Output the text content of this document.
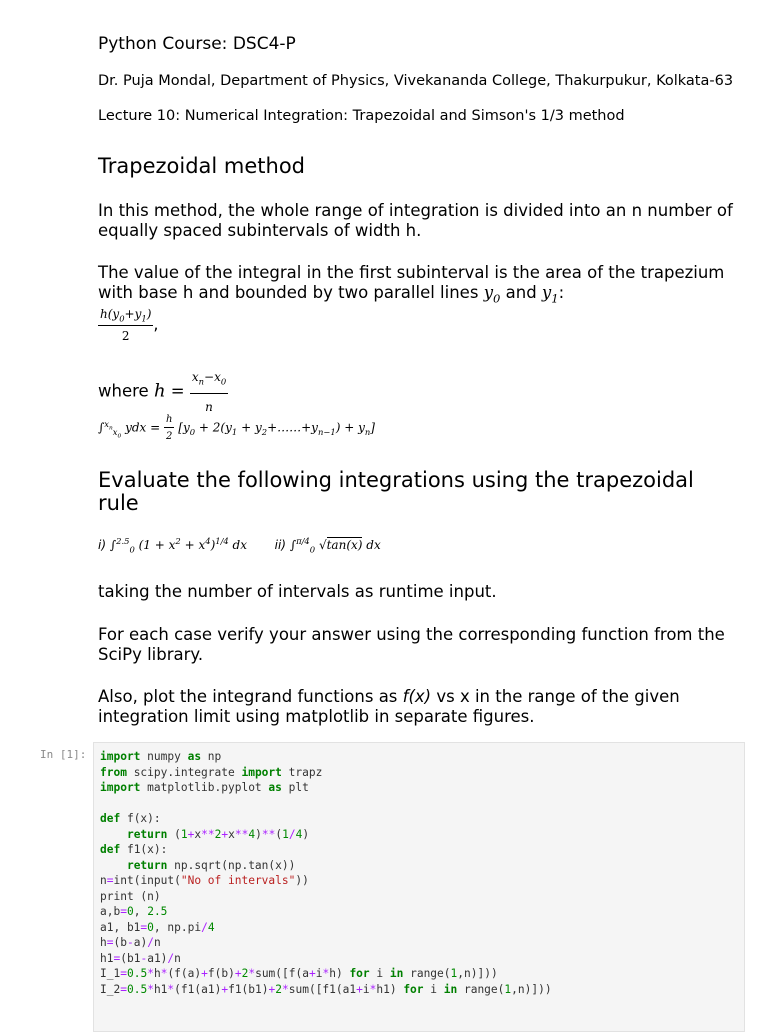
Python Course: DSC4-P
Dr. Puja Mondal, Department of Physics, Vivekananda College, Thakurpukur, Kolkata-63
Lecture 10: Numerical Integration: Trapezoidal and Simson's 1/3 method
Trapezoidal method
In this method, the whole range of integration is divided into an n number of equally spaced subintervals of width h.
The value of the integral in the first subinterval is the area of the trapezium with base h and bounded by two parallel lines $y_0$ and $y_1$:
$\frac{h(y_0+y_1)}{2}$ ,
where $h = \frac{x_n-x_0}{n}$
∫$^{x_n}_{x_0}$ ydx = $\frac{h}{2} [y_0 + 2(y_1$ + $y_2+\dots\dots+y_{n-1}) + y_n$]
Evaluate the following integrations using the trapezoidal rule
i) ∫$^{2.5}_0$ $(1 + x^2 + x^4)^{1/4}$ dx  ii) ∫$^{\pi/4}_0$ √tan(x) dx
taking the number of intervals as runtime input.
For each case verify your answer using the corresponding function from the SciPy library.
Also, plot the integrand functions as f(x) vs x in the range of the given integration limit using matplotlib in separate figures.
In [1]: import numpy as np
from scipy.integrate import trapz
import matplotlib.pyplot as plt

def f(x):
return (1+x**2+x**4)**(1/4)
def f1(x):
return np.sqrt(np.tan(x))
n=int(input("No of intervals"))
print (n)
a,b=0, 2.5
a1, b1=0, np.pi/4
h=(b-a)/n
h1=(b1-a1)/n
I_1=0.5*h*(f(a)+f(b)+2*sum([f(a+i*h) for i in range(1,n)]))
I_2=0.5*h1*(f1(a1)+f1(b1)+2*sum([f1(a1+i*h1) for i in range(1,n)]))
